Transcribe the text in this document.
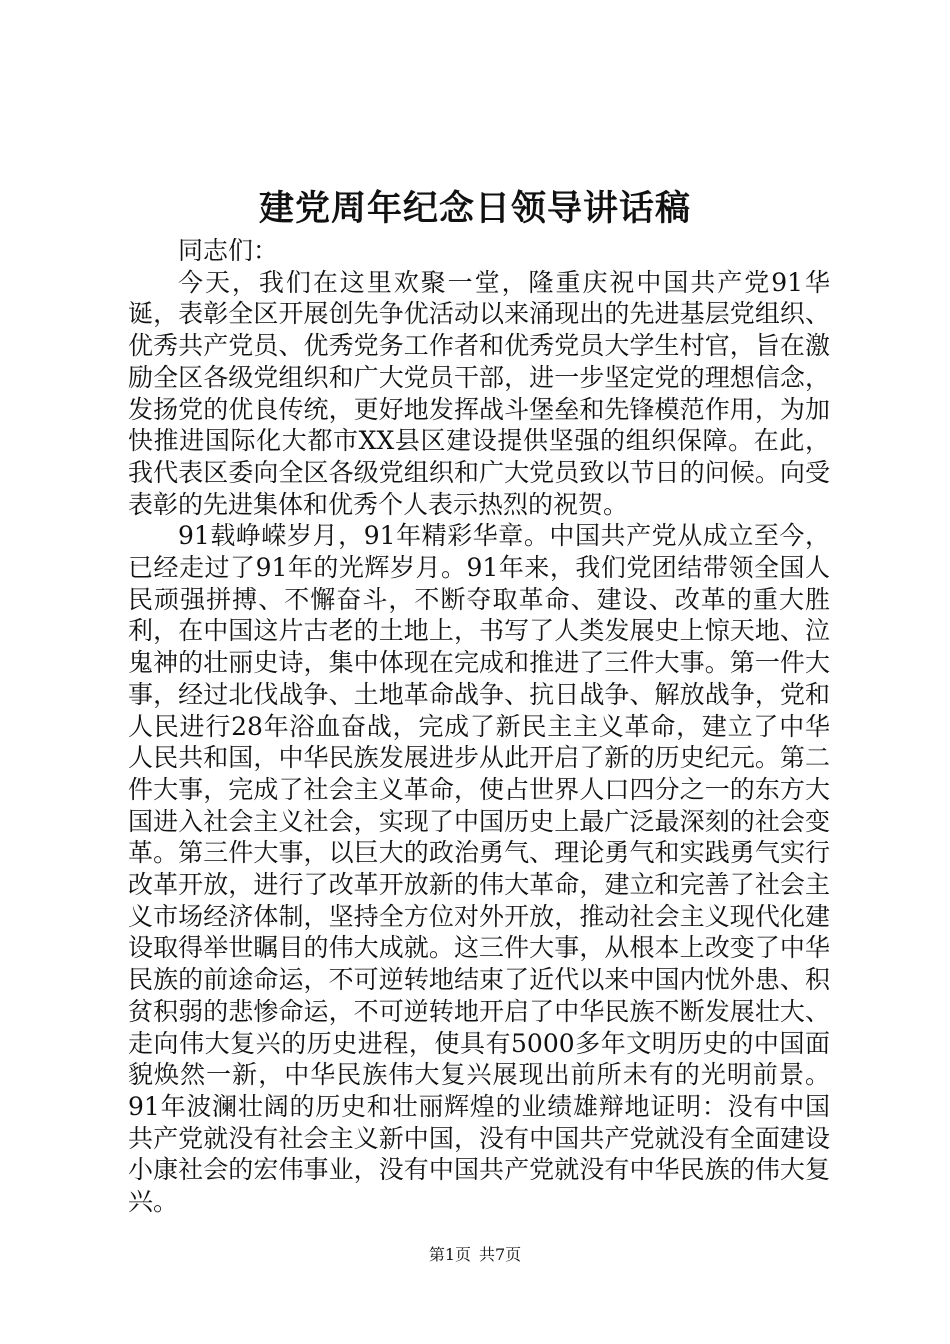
建党周年纪念日领导讲话稿

同志们：

今天，我们在这里欢聚一堂，隆重庆祝中国共产党91华诞，表彰全区开展创先争优活动以来涌现出的先进基层党组织、优秀共产党员、优秀党务工作者和优秀党员大学生村官，旨在激励全区各级党组织和广大党员干部，进一步坚定党的理想信念，发扬党的优良传统，更好地发挥战斗堡垒和先锋模范作用，为加快推进国际化大都市XX县区建设提供坚强的组织保障。在此，我代表区委向全区各级党组织和广大党员致以节日的问候。向受表彰的先进集体和优秀个人表示热烈的祝贺。

91载峥嵘岁月，91年精彩华章。中国共产党从成立至今，已经走过了91年的光辉岁月。91年来，我们党团结带领全国人民顽强拼搏、不懈奋斗，不断夺取革命、建设、改革的重大胜利，在中国这片古老的土地上，书写了人类发展史上惊天地、泣鬼神的壮丽史诗，集中体现在完成和推进了三件大事。第一件大事，经过北伐战争、土地革命战争、抗日战争、解放战争，党和人民进行28年浴血奋战，完成了新民主主义革命，建立了中华人民共和国，中华民族发展进步从此开启了新的历史纪元。第二件大事，完成了社会主义革命，使占世界人口四分之一的东方大国进入社会主义社会，实现了中国历史上最广泛最深刻的社会变革。第三件大事，以巨大的政治勇气、理论勇气和实践勇气实行改革开放，进行了改革开放新的伟大革命，建立和完善了社会主义市场经济体制，坚持全方位对外开放，推动社会主义现代化建设取得举世瞩目的伟大成就。这三件大事，从根本上改变了中华民族的前途命运，不可逆转地结束了近代以来中国内忧外患、积贫积弱的悲惨命运，不可逆转地开启了中华民族不断发展壮大、走向伟大复兴的历史进程，使具有5000多年文明历史的中国面貌焕然一新，中华民族伟大复兴展现出前所未有的光明前景。91年波澜壮阔的历史和壮丽辉煌的业绩雄辩地证明：没有中国共产党就没有社会主义新中国，没有中国共产党就没有全面建设小康社会的宏伟事业，没有中国共产党就没有中华民族的伟大复兴。

第1页 共7页
